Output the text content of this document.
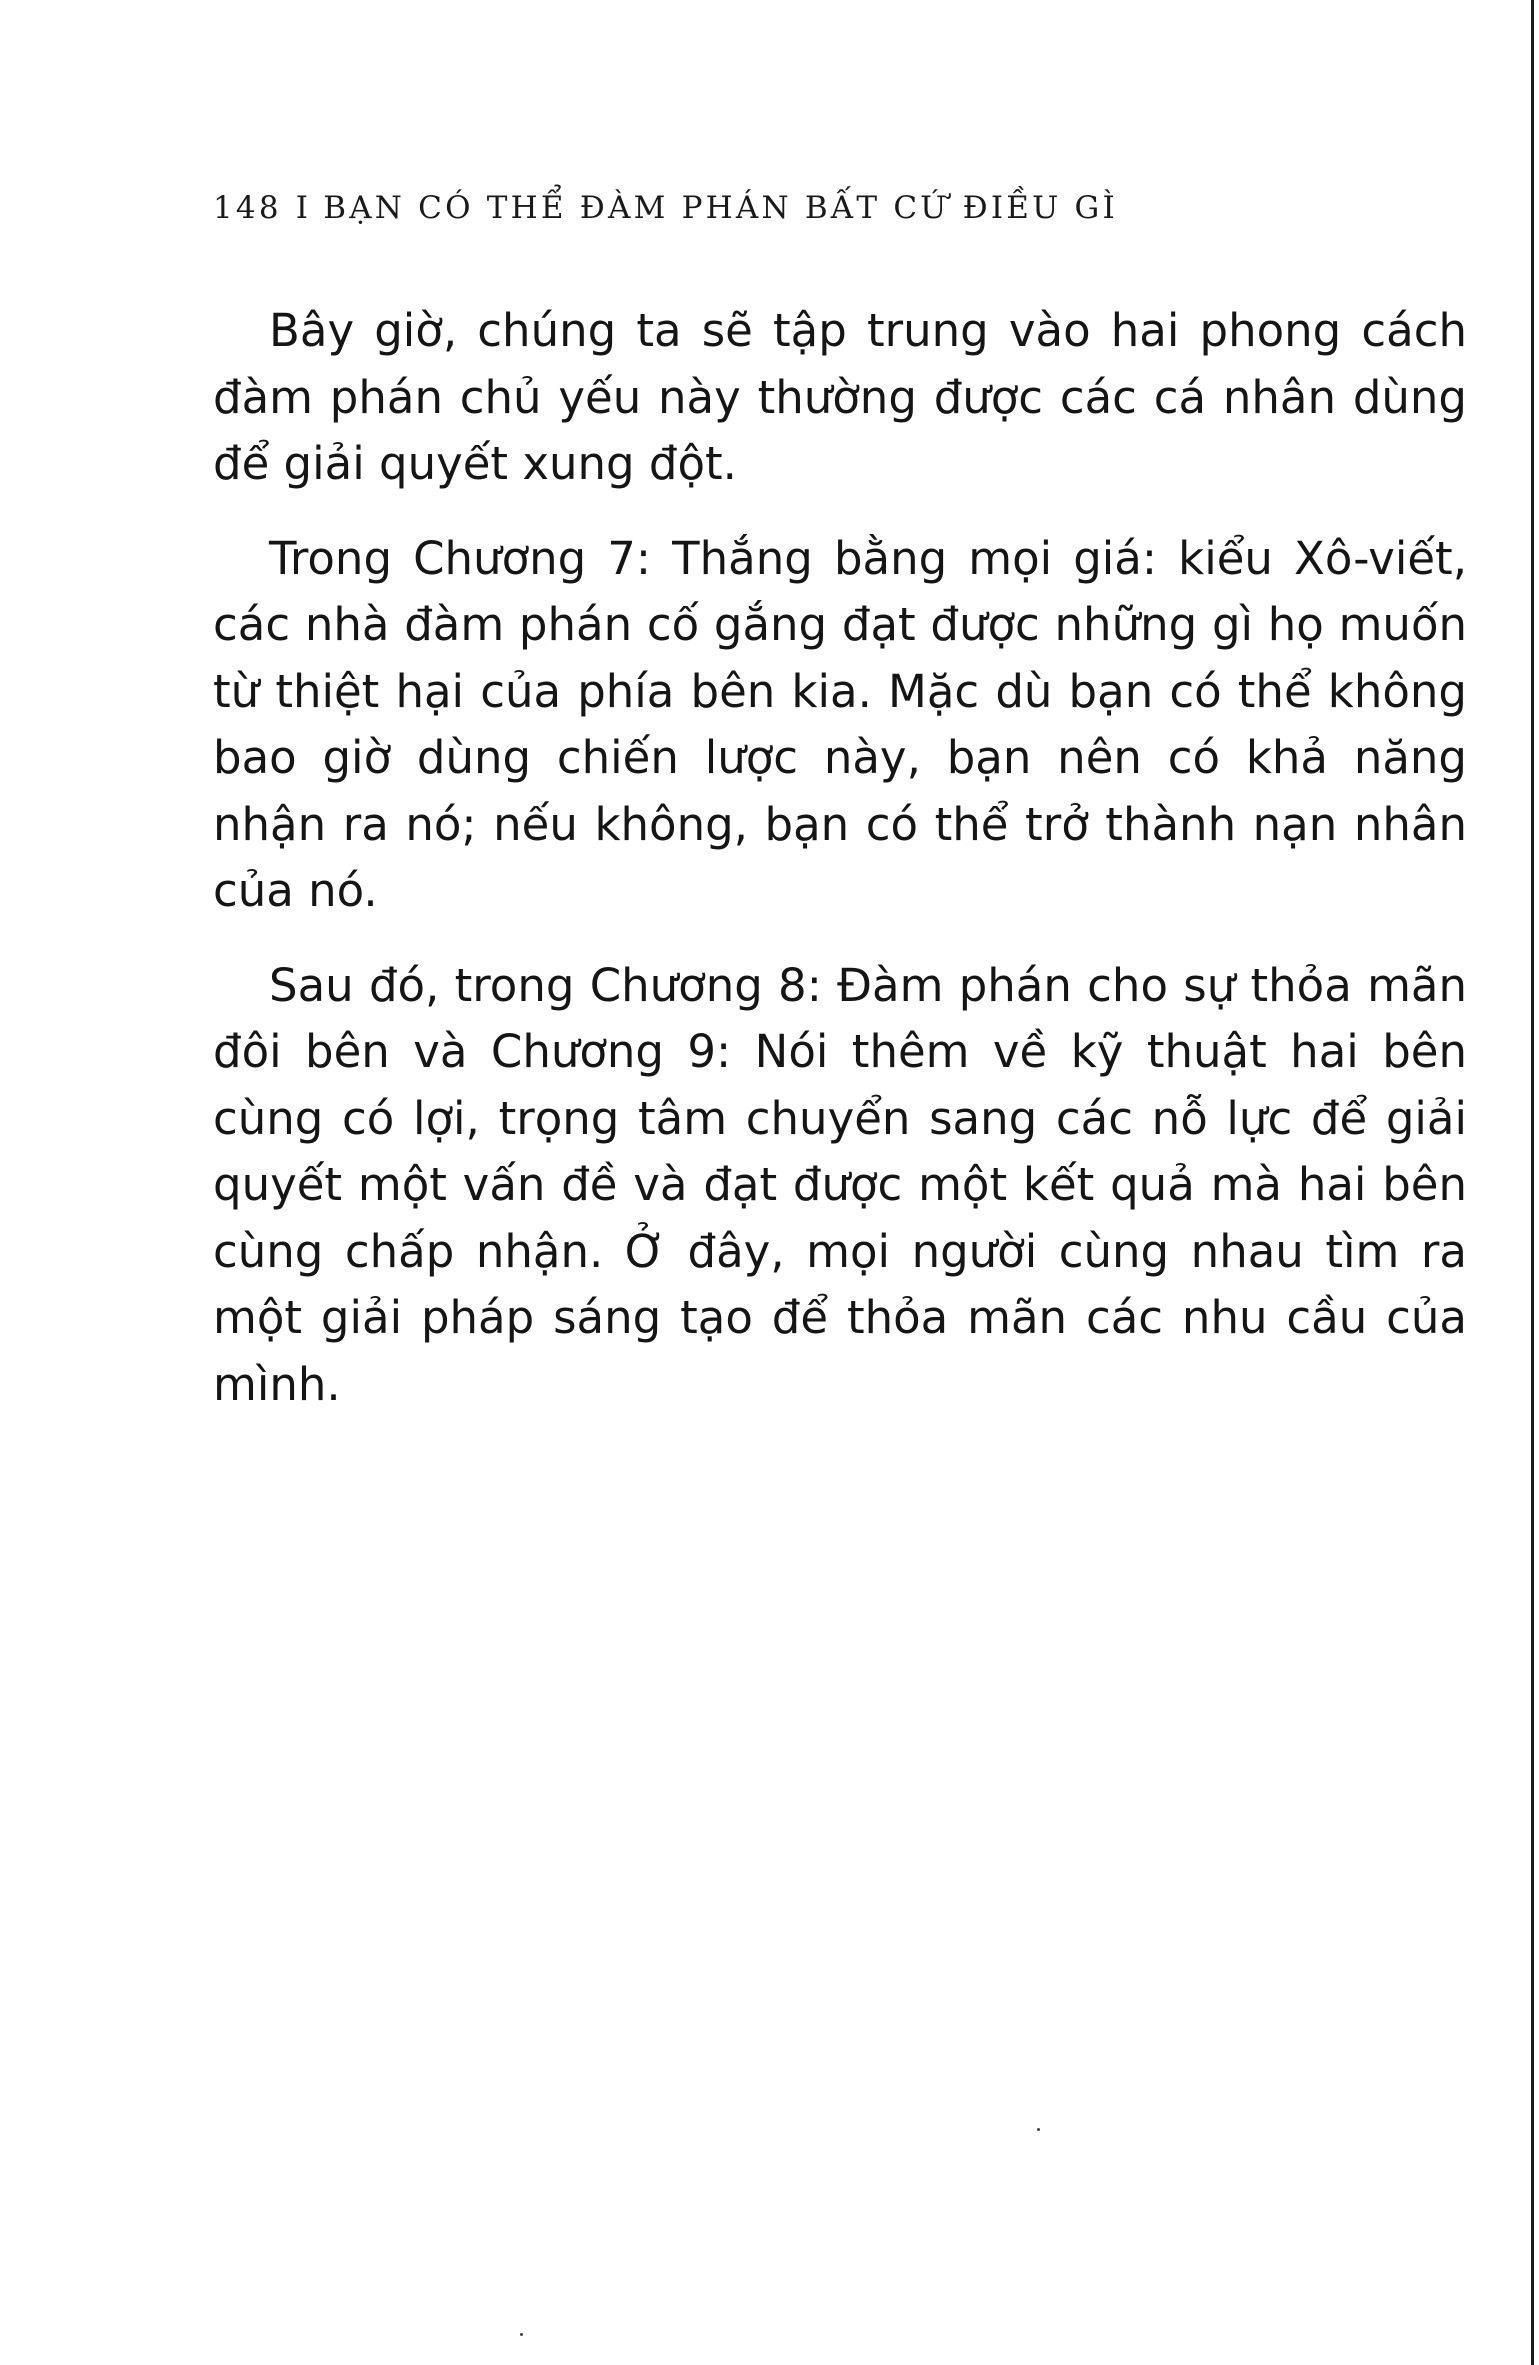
148 I BẠN CÓ THỂ ĐÀM PHÁN BẤT CỨ ĐIỀU GÌ

Bây giờ, chúng ta sẽ tập trung vào hai phong cách đàm phán chủ yếu này thường được các cá nhân dùng để giải quyết xung đột.

Trong Chương 7: Thắng bằng mọi giá: kiểu Xô-viết, các nhà đàm phán cố gắng đạt được những gì họ muốn từ thiệt hại của phía bên kia. Mặc dù bạn có thể không bao giờ dùng chiến lược này, bạn nên có khả năng nhận ra nó; nếu không, bạn có thể trở thành nạn nhân của nó.

Sau đó, trong Chương 8: Đàm phán cho sự thỏa mãn đôi bên và Chương 9: Nói thêm về kỹ thuật hai bên cùng có lợi, trọng tâm chuyển sang các nỗ lực để giải quyết một vấn đề và đạt được một kết quả mà hai bên cùng chấp nhận. Ở đây, mọi người cùng nhau tìm ra một giải pháp sáng tạo để thỏa mãn các nhu cầu của mình.
